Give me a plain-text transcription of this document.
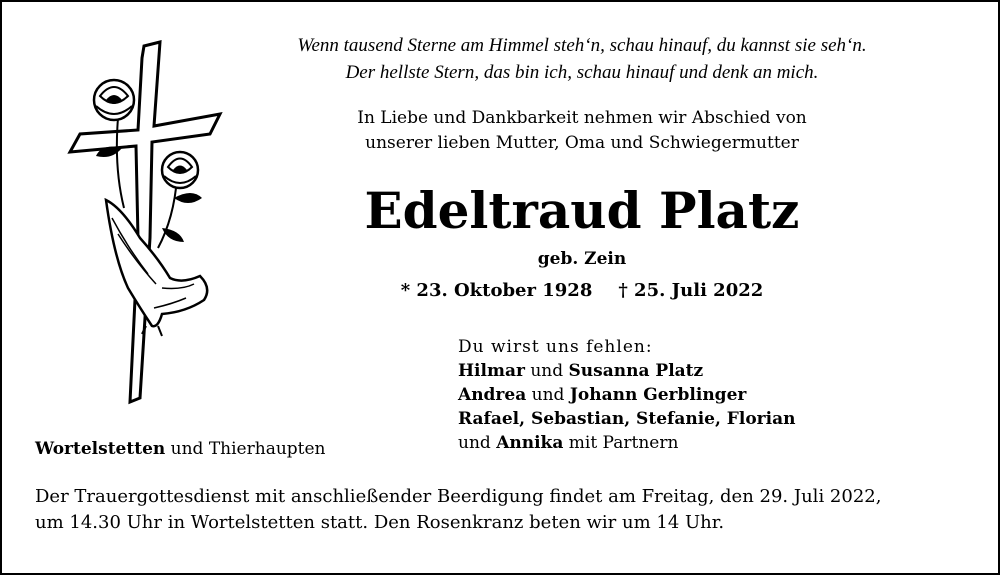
Wenn tausend Sterne am Himmel steh‘n, schau hinauf, du kannst sie seh‘n.
Der hellste Stern, das bin ich, schau hinauf und denk an mich.
In Liebe und Dankbarkeit nehmen wir Abschied von
unserer lieben Mutter, Oma und Schwiegermutter
Edeltraud Platz
geb. Zein
* 23. Oktober 1928 † 25. Juli 2022
Du wirst uns fehlen:
Hilmar und Susanna Platz
Andrea und Johann Gerblinger
Rafael, Sebastian, Stefanie, Florian
und Annika mit Partnern
Wortelstetten und Thierhaupten
Der Trauergottesdienst mit anschließender Beerdigung findet am Freitag, den 29. Juli 2022,
um 14.30 Uhr in Wortelstetten statt. Den Rosenkranz beten wir um 14 Uhr.
